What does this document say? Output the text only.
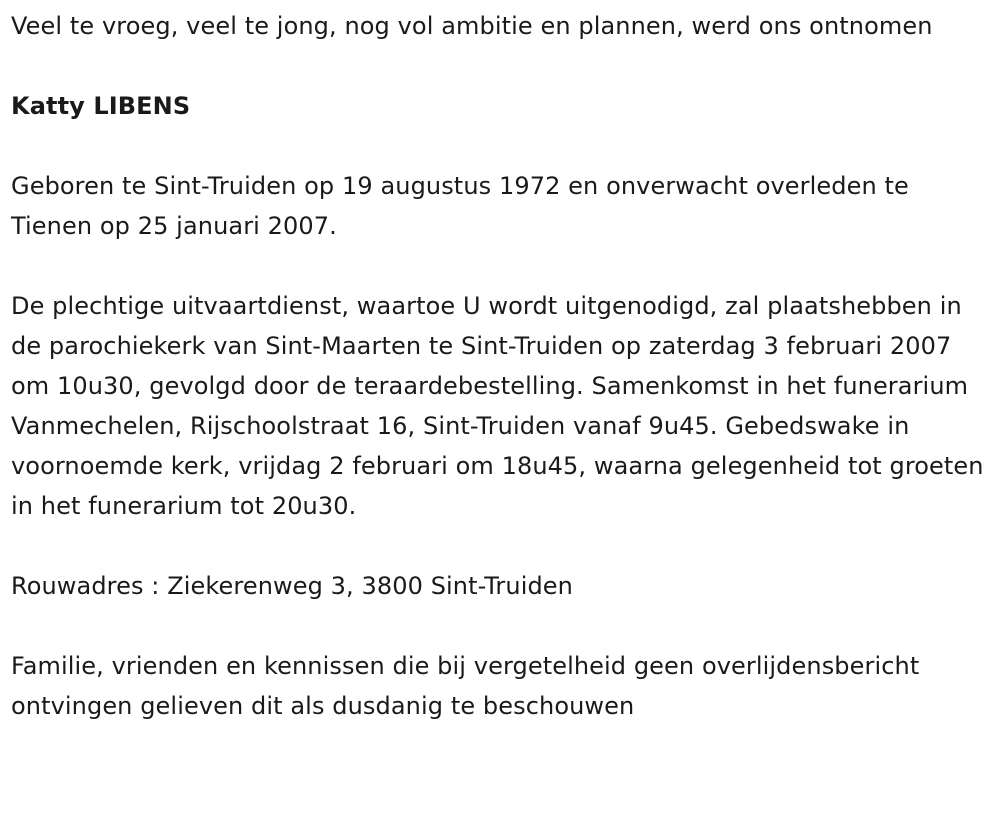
Veel te vroeg, veel te jong, nog vol ambitie en plannen, werd ons ontnomen

Katty LIBENS

Geboren te Sint-Truiden op 19 augustus 1972 en onverwacht overleden te Tienen op 25 januari 2007.

De plechtige uitvaartdienst, waartoe U wordt uitgenodigd, zal plaatshebben in de parochiekerk van Sint-Maarten te Sint-Truiden op zaterdag 3 februari 2007 om 10u30, gevolgd door de teraardebestelling. Samenkomst in het funerarium Vanmechelen, Rijschoolstraat 16, Sint-Truiden vanaf 9u45. Gebedswake in voornoemde kerk, vrijdag 2 februari om 18u45, waarna gelegenheid tot groeten in het funerarium tot 20u30.

Rouwadres : Ziekerenweg 3, 3800 Sint-Truiden

Familie, vrienden en kennissen die bij vergetelheid geen overlijdensbericht ontvingen gelieven dit als dusdanig te beschouwen
